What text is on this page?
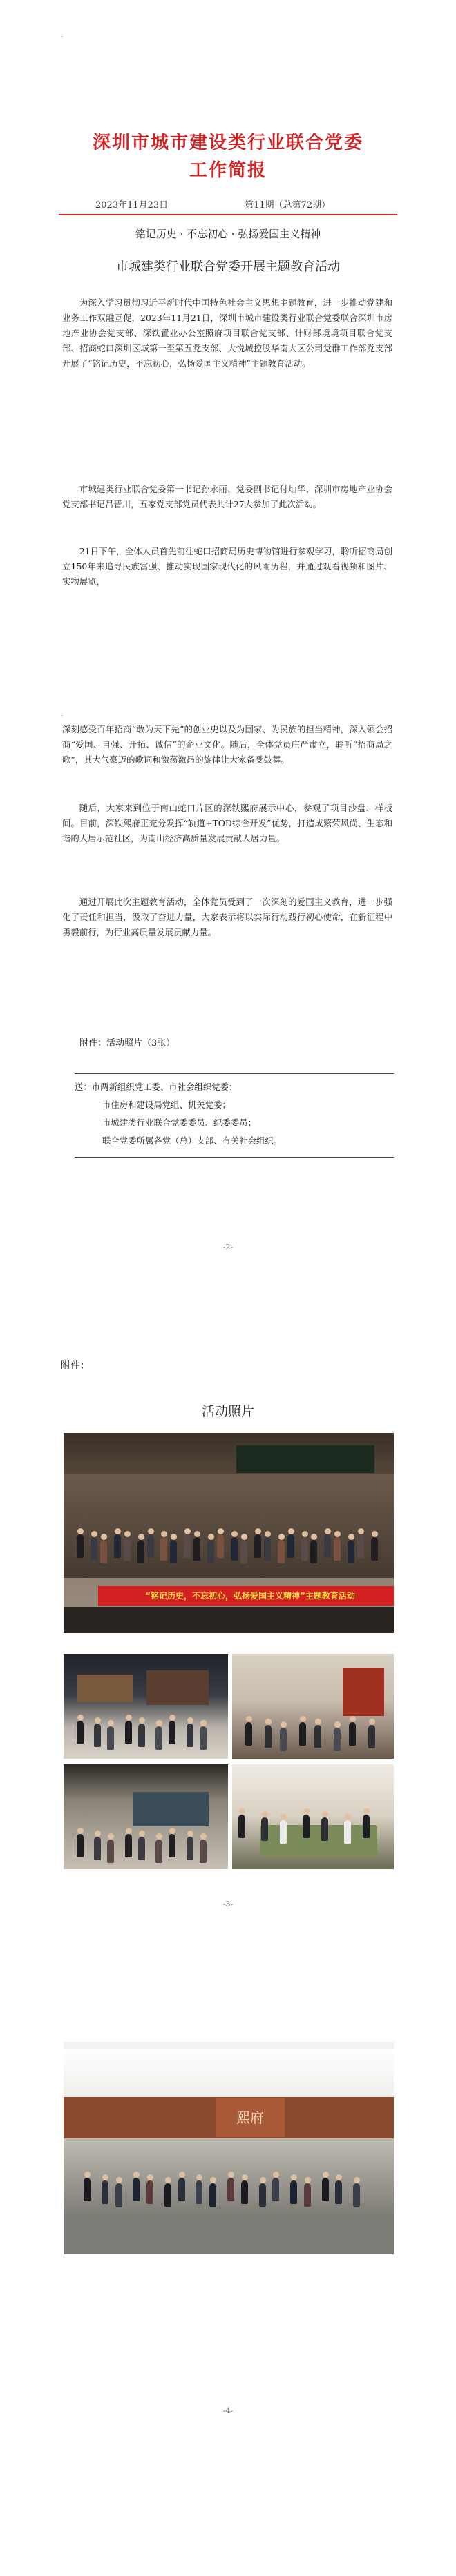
-
-
深圳市城市建设类行业联合党委
工作简报
2023年11月23日	第11期（总第72期）
铭记历史 · 不忘初心 · 弘扬爱国主义精神
市城建类行业联合党委开展主题教育活动

为深入学习贯彻习近平新时代中国特色社会主义思想主题教育，进一步推动党建和业务工作双融互促，2023年11月21日，深圳市城市建设类行业联合党委联合深圳市房地产业协会党支部、深铁置业办公室照府项目联合党支部、计财部境境项目联合党支部、招商蛇口深圳区域第一至第五党支部、大悦城控股华南大区公司党群工作部党支部开展了“铭记历史，不忘初心，弘扬爱国主义精神”主题教育活动。

市城建类行业联合党委第一书记孙永丽、党委副书记付灿华、深圳市房地产业协会党支部书记吕晋川，五家党支部党员代表共计27人参加了此次活动。

21日下午，全体人员首先前往蛇口招商局历史博物馆进行参观学习，聆听招商局创立150年来追寻民族富强、推动实现国家现代化的风雨历程，并通过观看视频和图片、实物展览，

深刻感受百年招商“敢为天下先”的创业史以及为国家、为民族的担当精神，深入领会招商“爱国、自强、开拓、诚信”的企业文化。随后，全体党员庄严肃立，聆听“招商局之歌”，其大气豪迈的歌词和激荡激昂的旋律让大家备受鼓舞。

随后，大家来到位于南山蛇口片区的深铁熙府展示中心，参观了项目沙盘、样板间。目前，深铁熙府正充分发挥“轨道+TOD综合开发”优势，打造成繁荣风尚、生态和谐的人居示范社区，为南山经济高质量发展贡献人居力量。

通过开展此次主题教育活动，全体党员受到了一次深刻的爱国主义教育，进一步强化了责任和担当，汲取了奋进力量，大家表示将以实际行动践行初心使命，在新征程中勇毅前行，为行业高质量发展贡献力量。

附件：活动照片（3张）
送：市两新组织党工委、市社会组织党委；
市住房和建设局党组、机关党委；
市城建类行业联合党委委员、纪委委员；
联合党委所属各党（总）支部、有关社会组织。
-2-
附件：
活动照片
“铭记历史，不忘初心，弘扬爱国主义精神”主题教育活动
-3-
熙府
-4-
